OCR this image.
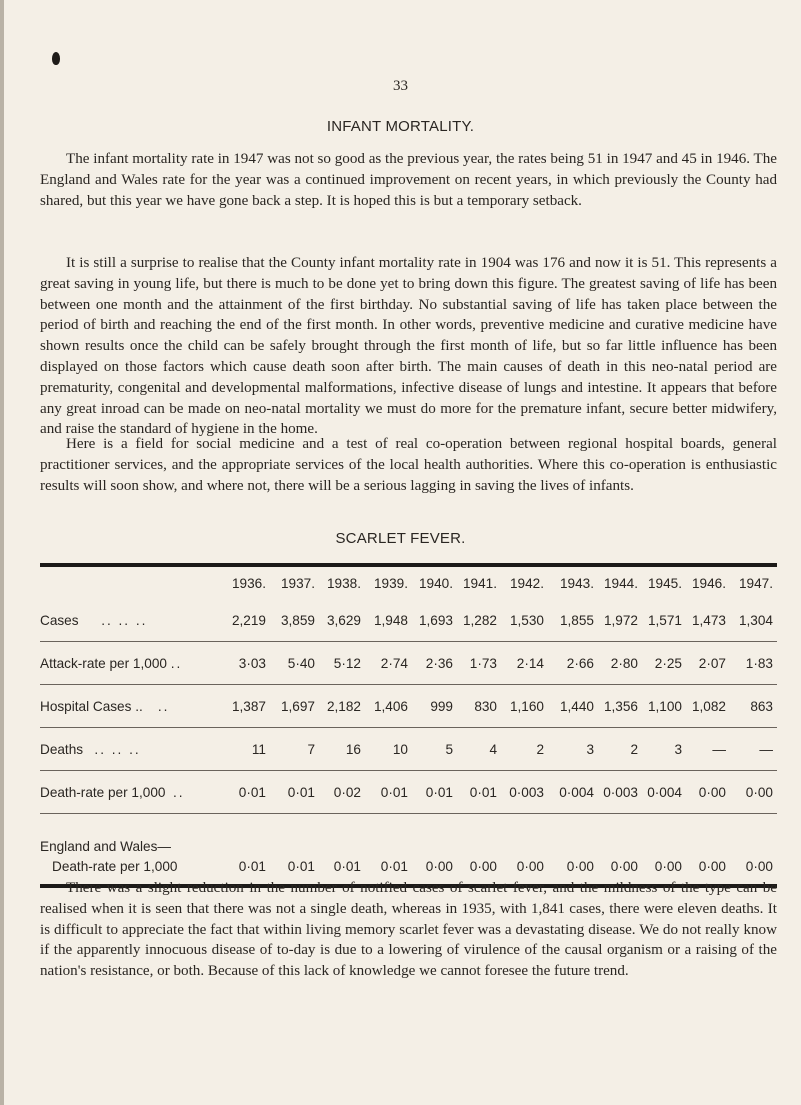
33
INFANT MORTALITY.

The infant mortality rate in 1947 was not so good as the previous year, the rates being 51 in 1947 and 45 in 1946. The England and Wales rate for the year was a continued improvement on recent years, in which previously the County had shared, but this year we have gone back a step. It is hoped this is but a temporary setback.

It is still a surprise to realise that the County infant mortality rate in 1904 was 176 and now it is 51. This represents a great saving in young life, but there is much to be done yet to bring down this figure. The greatest saving of life has been between one month and the attainment of the first birthday. No substantial saving of life has taken place between the period of birth and reaching the end of the first month. In other words, preventive medicine and curative medicine have shown results once the child can be safely brought through the first month of life, but so far little influence has been displayed on those factors which cause death soon after birth. The main causes of death in this neo-natal period are prematurity, congenital and developmental malformations, infective disease of lungs and intestine. It appears that before any great inroad can be made on neo-natal mortality we must do more for the premature infant, secure better midwifery, and raise the standard of hygiene in the home.

Here is a field for social medicine and a test of real co-operation between regional hospital boards, general practitioner services, and the appropriate services of the local health authorities. Where this co-operation is enthusiastic results will soon show, and where not, there will be a serious lagging in saving the lives of infants.

SCARLET FEVER.
	1936.	1937.	1938.	1939.	1940.	1941.	1942.	1943.	1944.	1945.	1946.	1947.
Cases .. .. ..	2,219	3,859	3,629	1,948	1,693	1,282	1,530	1,855	1,972	1,571	1,473	1,304
Attack-rate per 1,000 ..	3·03	5·40	5·12	2·74	2·36	1·73	2·14	2·66	2·80	2·25	2·07	1·83
Hospital Cases .. ..	1,387	1,697	2,182	1,406	999	830	1,160	1,440	1,356	1,100	1,082	863
Deaths .. .. ..	11	7	16	10	5	4	2	3	2	3	—	—
Death-rate per 1,000 ..	0·01	0·01	0·02	0·01	0·01	0·01	0·003	0·004	0·003	0·004	0·00	0·00

England and Wales—
Death-rate per 1,000	0·01	0·01	0·01	0·01	0·00	0·00	0·00	0·00	0·00	0·00	0·00	0·00

There was a slight reduction in the number of notified cases of scarlet fever, and the mildness of the type can be realised when it is seen that there was not a single death, whereas in 1935, with 1,841 cases, there were eleven deaths. It is difficult to appreciate the fact that within living memory scarlet fever was a devastating disease. We do not really know if the apparently innocuous disease of to-day is due to a lowering of virulence of the causal organism or a raising of the nation's resistance, or both. Because of this lack of knowledge we cannot foresee the future trend.
